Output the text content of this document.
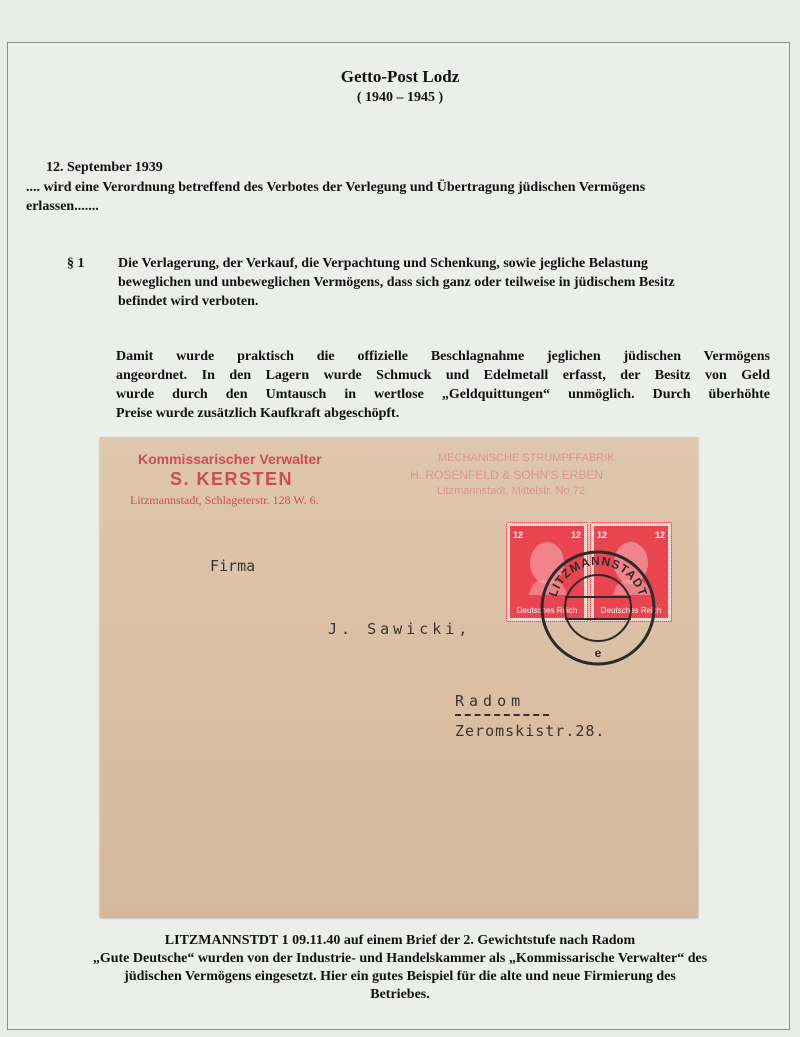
Getto-Post Lodz
( 1940 – 1945 )
12. September 1939
.... wird eine Verordnung betreffend des Verbotes der Verlegung und Übertragung jüdischen Vermögens
erlassen.......
§ 1 Die Verlagerung, der Verkauf, die Verpachtung und Schenkung, sowie jegliche Belastung
beweglichen und unbeweglichen Vermögens, dass sich ganz oder teilweise in jüdischem Besitz
befindet wird verboten.
Damit wurde praktisch die offizielle Beschlagnahme jeglichen jüdischen Vermögens
angeordnet. In den Lagern wurde Schmuck und Edelmetall erfasst, der Besitz von Geld
wurde durch den Umtausch in wertlose „Geldquittungen“ unmöglich. Durch überhöhte
Preise wurde zusätzlich Kaufkraft abgeschöpft.
Kommissarischer Verwalter
S. KERSTEN
Litzmannstadt, Schlageterstr. 128 W. 6.
MECHANISCHE STRUMPFFABRIK
H. ROSENFELD & SOHN'S ERBEN
Litzmannstadt, Mittelstr. No 72
Firma
J. Sawicki,
Radom
Zeromskistr.28.
12	12
Deutsches Reich
12	12
Deutsches Reich
LITZMANNSTADT
e
LITZMANNSTDT 1 09.11.40 auf einem Brief der 2. Gewichtstufe nach Radom
„Gute Deutsche“ wurden von der Industrie- und Handelskammer als „Kommissarische Verwalter“ des
jüdischen Vermögens eingesetzt. Hier ein gutes Beispiel für die alte und neue Firmierung des
Betriebes.
